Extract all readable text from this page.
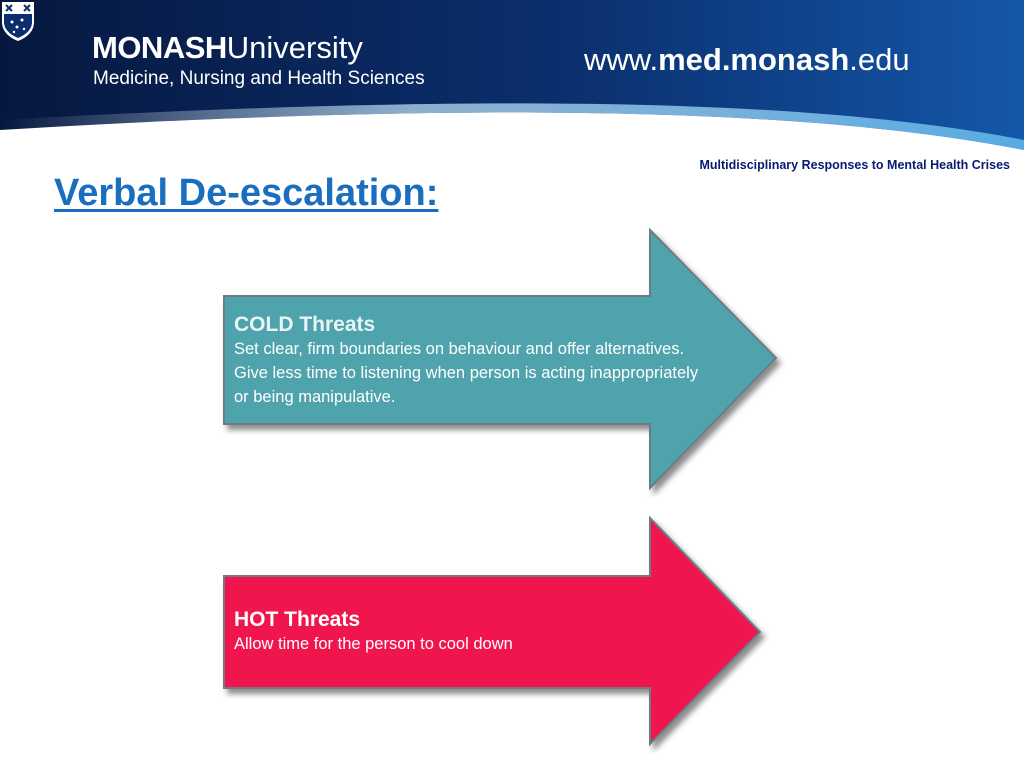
MONASHUniversity
Medicine, Nursing and Health Sciences
www.med.monash.edu
Multidisciplinary Responses to Mental Health Crises
Verbal De-escalation:
COLD Threats
Set clear, firm boundaries on behaviour and offer alternatives. Give less time to listening when person is acting inappropriately or being manipulative.
HOT Threats
Allow time for the person to cool down
